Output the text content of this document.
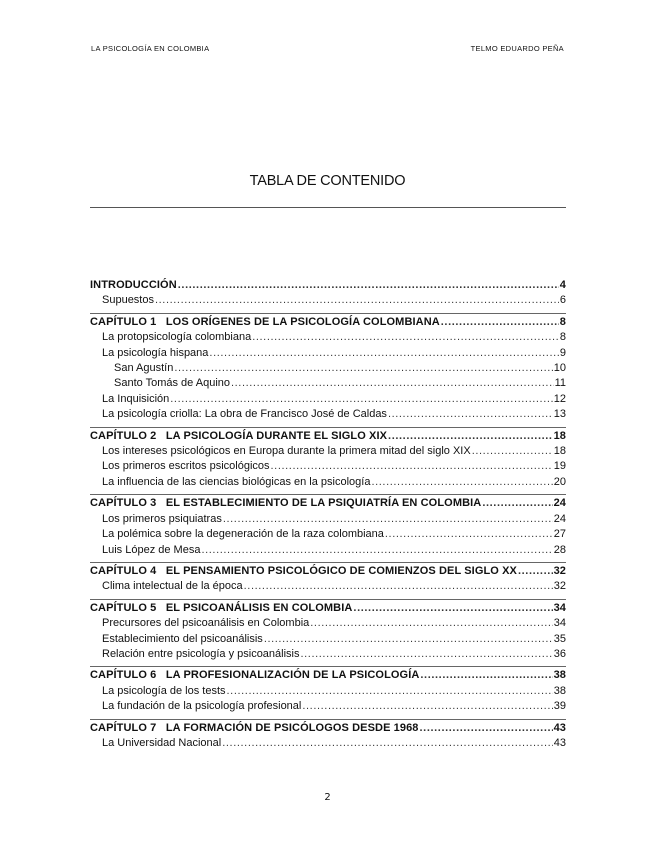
LA PSICOLOGÍA EN COLOMBIA	TELMO EDUARDO PEÑA
TABLA DE CONTENIDO
INTRODUCCIÓN .....	4
Supuestos .....	6
CAPÍTULO 1   LOS ORÍGENES DE LA PSICOLOGÍA COLOMBIANA .....	8
La protopsicología colombiana .....	8
La psicología hispana .....	9
San Agustín .....	10
Santo Tomás de Aquino .....	11
La Inquisición .....	12
La psicología criolla: La obra de Francisco José de Caldas .....	13
CAPÍTULO 2   LA PSICOLOGÍA DURANTE EL SIGLO XIX .....	18
Los intereses psicológicos en Europa durante la primera mitad del siglo XIX .....	18
Los primeros escritos psicológicos .....	19
La influencia de las ciencias biológicas en la psicología .....	20
CAPÍTULO 3   EL ESTABLECIMIENTO DE LA PSIQUIATRÍA EN COLOMBIA .....	24
Los primeros psiquiatras .....	24
La polémica sobre la degeneración de la raza colombiana .....	27
Luis López de Mesa .....	28
CAPÍTULO 4   EL PENSAMIENTO PSICOLÓGICO DE COMIENZOS DEL SIGLO XX .....	32
Clima intelectual de la época .....	32
CAPÍTULO 5   EL PSICOANÁLISIS EN COLOMBIA .....	34
Precursores del psicoanálisis en Colombia .....	34
Establecimiento del psicoanálisis .....	35
Relación entre psicología y psicoanálisis .....	36
CAPÍTULO 6   LA PROFESIONALIZACIÓN DE LA PSICOLOGÍA .....	38
La psicología de los tests .....	38
La fundación de la psicología profesional .....	39
CAPÍTULO 7   LA FORMACIÓN DE PSICÓLOGOS DESDE 1968 .....	43
La Universidad Nacional .....	43
2
